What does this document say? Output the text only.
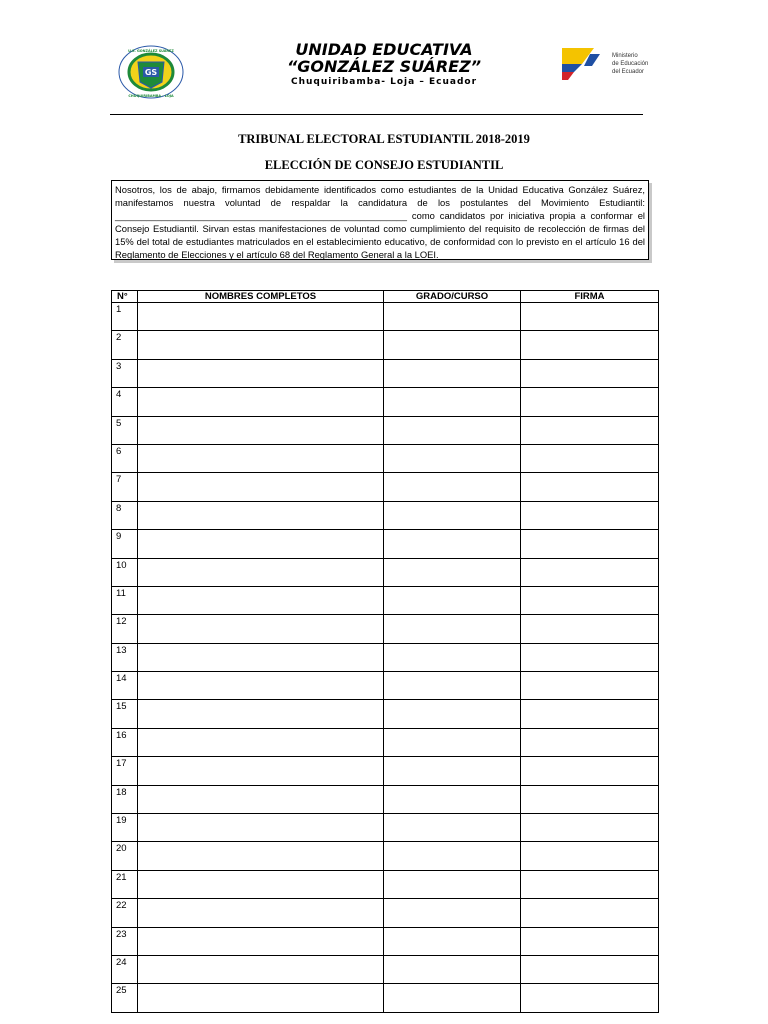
GS
U.E. GONZÁLEZ SUÁREZ
CHUQUIRIBAMBA - LOJA
UNIDAD EDUCATIVA
“GONZÁLEZ SUÁREZ”
Chuquiribamba- Loja – Ecuador
Ministerio
de Educación
del Ecuador
TRIBUNAL ELECTORAL ESTUDIANTIL 2018-2019
ELECCIÓN DE CONSEJO ESTUDIANTIL
Nosotros, los de abajo, firmamos debidamente identificados como estudiantes de la Unidad Educativa González Suárez, manifestamos nuestra voluntad de respaldar la candidatura de los postulantes del Movimiento Estudiantil: ________________________________________________________ como candidatos por iniciativa propia a conformar el Consejo Estudiantil. Sirvan estas manifestaciones de voluntad como cumplimiento del requisito de recolección de firmas del 15% del total de estudiantes matriculados en el establecimiento educativo, de conformidad con lo previsto en el artículo 16 del Reglamento de Elecciones y el artículo 68 del Reglamento General a la LOEI.
N°	NOMBRES COMPLETOS	GRADO/CURSO	FIRMA
1			
2			
3			
4			
5			
6			
7			
8			
9			
10			
11			
12			
13			
14			
15			
16			
17			
18			
19			
20			
21			
22			
23			
24			
25			
